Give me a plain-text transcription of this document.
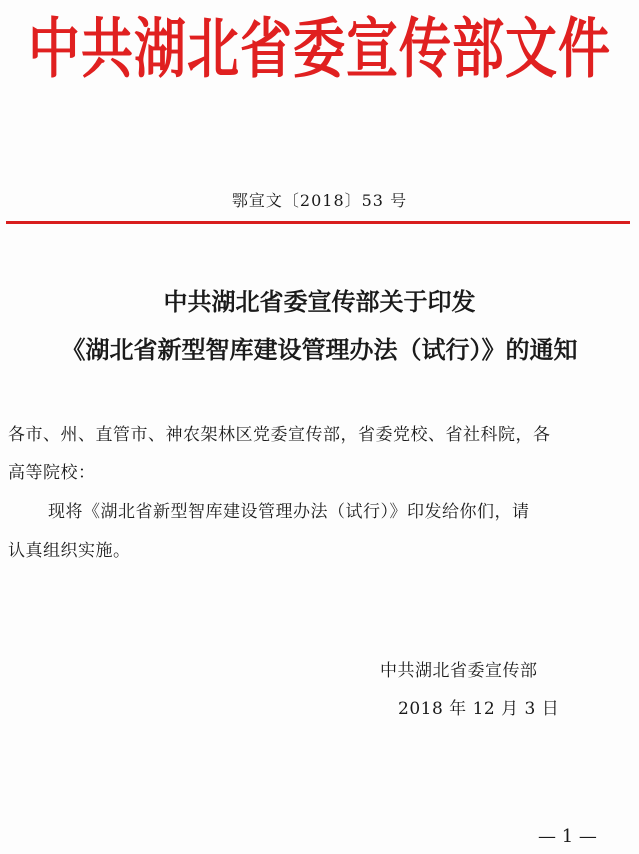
中共湖北省委宣传部文件
鄂宣文〔2018〕53 号
中共湖北省委宣传部关于印发
《湖北省新型智库建设管理办法（试行）》的通知
各市、州、直管市、神农架林区党委宣传部，省委党校、省社科院，各
高等院校：
现将《湖北省新型智库建设管理办法（试行）》印发给你们，请
认真组织实施。
中共湖北省委宣传部
2018 年 12 月 3 日
— 1 —
